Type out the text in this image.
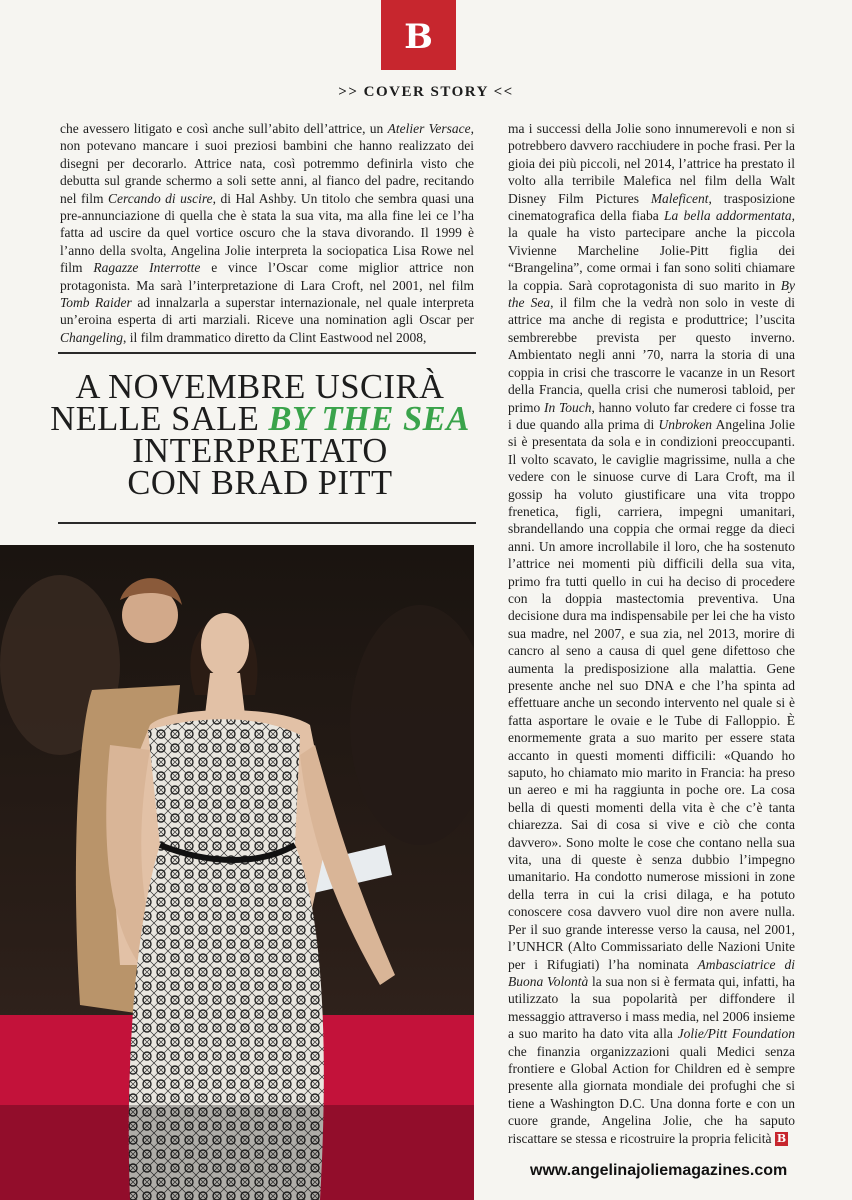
B
>> COVER STORY <<

che avessero litigato e così anche sull’abito dell’attrice, un Atelier Versace, non potevano mancare i suoi preziosi bambini che hanno realizzato dei disegni per decorarlo. Attrice nata, così potremmo definirla visto che debutta sul grande schermo a soli sette anni, al fianco del padre, recitando nel film Cercando di uscire, di Hal Ashby. Un titolo che sembra quasi una pre-annunciazione di quella che è stata la sua vita, ma alla fine lei ce l’ha fatta ad uscire da quel vortice oscuro che la stava divorando. Il 1999 è l’anno della svolta, Angelina Jolie interpreta la sociopatica Lisa Rowe nel film Ragazze Interrotte e vince l’Oscar come miglior attrice non protagonista. Ma sarà l’interpretazione di Lara Croft, nel 2001, nel film Tomb Raider ad innalzarla a superstar internazionale, nel quale interpreta un’eroina esperta di arti marziali. Riceve una nomination agli Oscar per Changeling, il film drammatico diretto da Clint Eastwood nel 2008,

A NOVEMBRE USCIRÀ
NELLE SALE BY THE SEA
INTERPRETATO
CON BRAD PITT

ma i successi della Jolie sono innumerevoli e non si potrebbero davvero racchiudere in poche frasi. Per la gioia dei più piccoli, nel 2014, l’attrice ha prestato il volto alla terribile Malefica nel film della Walt Disney Film Pictures Maleficent, trasposizione cinematografica della fiaba La bella addormentata, la quale ha visto partecipare anche la piccola Vivienne Marcheline Jolie-Pitt figlia dei “Brangelina”, come ormai i fan sono soliti chiamare la coppia. Sarà coprotagonista di suo marito in By the Sea, il film che la vedrà non solo in veste di attrice ma anche di regista e produttrice; l’uscita sembrerebbe prevista per questo inverno. Ambientato negli anni ’70, narra la storia di una coppia in crisi che trascorre le vacanze in un Resort della Francia, quella crisi che numerosi tabloid, per primo In Touch, hanno voluto far credere ci fosse tra i due quando alla prima di Unbroken Angelina Jolie si è presentata da sola e in condizioni preoccupanti. Il volto scavato, le caviglie magrissime, nulla a che vedere con le sinuose curve di Lara Croft, ma il gossip ha voluto giustificare una vita troppo frenetica, figli, carriera, impegni umanitari, sbrandellando una coppia che ormai regge da dieci anni. Un amore incrollabile il loro, che ha sostenuto l’attrice nei momenti più difficili della sua vita, primo fra tutti quello in cui ha deciso di procedere con la doppia mastectomia preventiva. Una decisione dura ma indispensabile per lei che ha visto sua madre, nel 2007, e sua zia, nel 2013, morire di cancro al seno a causa di quel gene difettoso che aumenta la predisposizione alla malattia. Gene presente anche nel suo DNA e che l’ha spinta ad effettuare anche un secondo intervento nel quale si è fatta asportare le ovaie e le Tube di Falloppio. È enormemente grata a suo marito per essere stata accanto in questi momenti difficili: «Quando ho saputo, ho chiamato mio marito in Francia: ha preso un aereo e mi ha raggiunta in poche ore. La cosa bella di questi momenti della vita è che c’è tanta chiarezza. Sai di cosa si vive e ciò che conta davvero». Sono molte le cose che contano nella sua vita, una di queste è senza dubbio l’impegno umanitario. Ha condotto numerose missioni in zone della terra in cui la crisi dilaga, e ha potuto conoscere cosa davvero vuol dire non avere nulla. Per il suo grande interesse verso la causa, nel 2001, l’UNHCR (Alto Commissariato delle Nazioni Unite per i Rifugiati) l’ha nominata Ambasciatrice di Buona Volontà la sua non si è fermata qui, infatti, ha utilizzato la sua popolarità per diffondere il messaggio attraverso i mass media, nel 2006 insieme a suo marito ha dato vita alla Jolie/Pitt Foundation che finanzia organizzazioni quali Medici senza frontiere e Global Action for Children ed è sempre presente alla giornata mondiale dei profughi che si tiene a Washington D.C. Una donna forte e con un cuore grande, Angelina Jolie, che ha saputo riscattare se stessa e ricostruire la propria felicità B

www.angelinajoliemagazines.com
